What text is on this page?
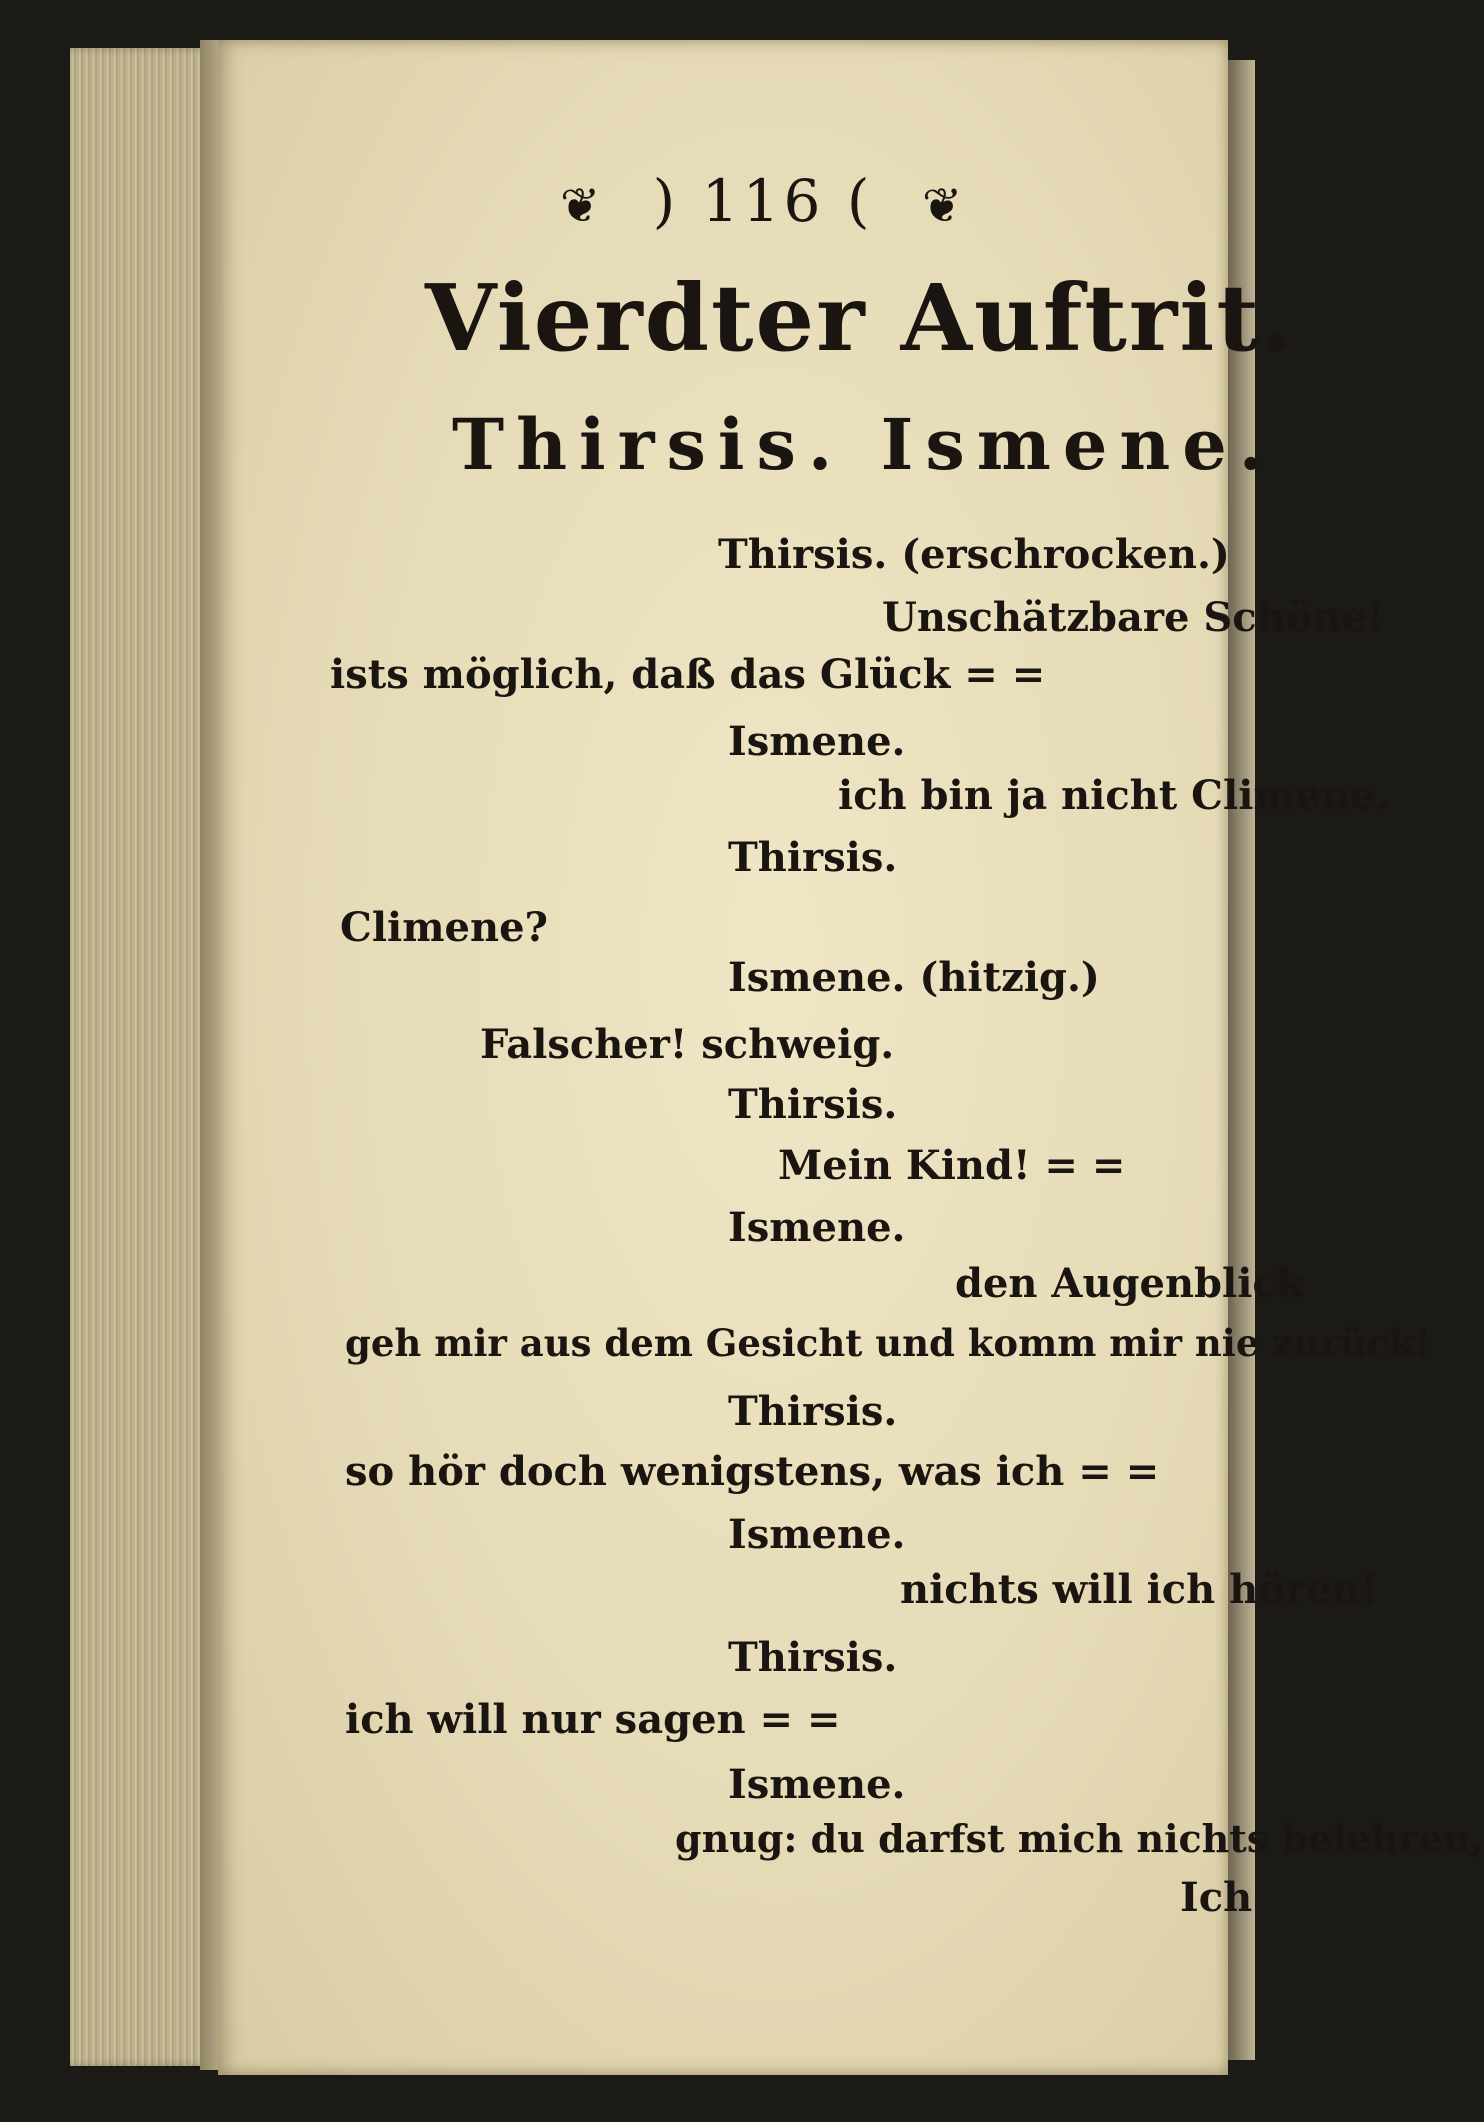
❦ ) 116 ( ❦
Vierdter Auftrit.
Thirsis. Ismene.
Thirsis. (erschrocken.)
Unschätzbare Schöne!
ists möglich, daß das Glück = =
Ismene.
ich bin ja nicht Climene.
Thirsis.
Climene?
Ismene. (hitzig.)
Falscher! schweig.
Thirsis.
Mein Kind! = =
Ismene.
den Augenblick
geh mir aus dem Gesicht und komm mir nie zurück!
Thirsis.
so hör doch wenigstens, was ich = =
Ismene.
nichts will ich hören!
Thirsis.
ich will nur sagen = =
Ismene.
gnug: du darfst mich nichts belehren,
Ich
